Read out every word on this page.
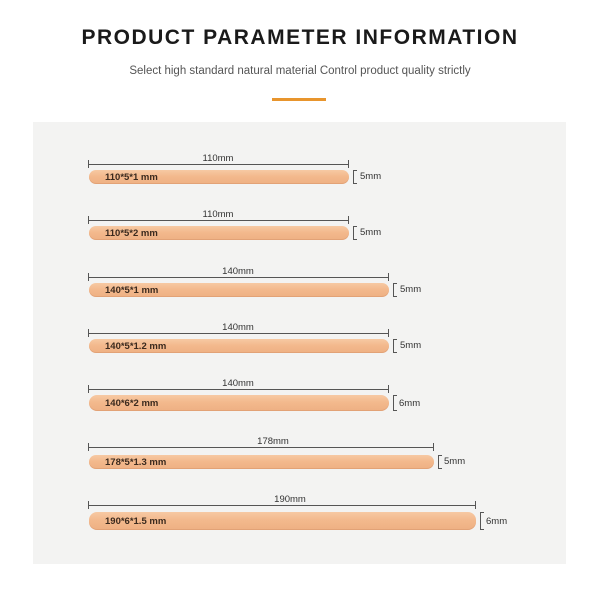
PRODUCT PARAMETER INFORMATION
Select high standard natural material Control product quality strictly
110mm
110*5*1 mm	5mm
110mm
110*5*2 mm	5mm
140mm
140*5*1 mm	5mm
140mm
140*5*1.2 mm	5mm
140mm
140*6*2 mm	6mm
178mm
178*5*1.3 mm	5mm
190mm
190*6*1.5 mm	6mm
